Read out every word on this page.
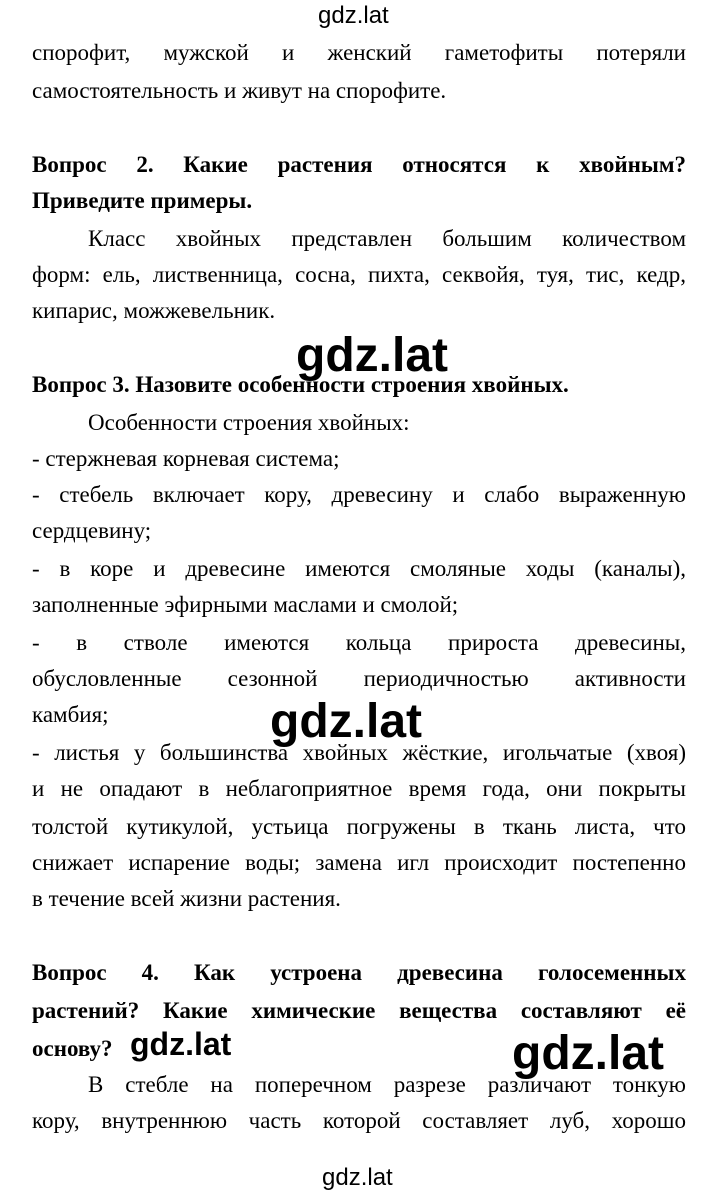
gdz.lat
спорофит, мужской и женский гаметофиты потеряли
самостоятельность и живут на спорофите.
Вопрос 2. Какие растения относятся к хвойным?
Приведите примеры.
Класс хвойных представлен большим количеством
форм: ель, лиственница, сосна, пихта, секвойя, туя, тис, кедр,
кипарис, можжевельник.
gdz.lat
Вопрос 3. Назовите особенности строения хвойных.
Особенности строения хвойных:
- стержневая корневая система;
- стебель включает кору, древесину и слабо выраженную
сердцевину;
- в коре и древесине имеются смоляные ходы (каналы),
заполненные эфирными маслами и смолой;
- в стволе имеются кольца прироста древесины,
обусловленные сезонной периодичностью активности
камбия;	gdz.lat
- листья у большинства хвойных жёсткие, игольчатые (хвоя)
и не опадают в неблагоприятное время года, они покрыты
толстой кутикулой, устьица погружены в ткань листа, что
снижает испарение воды; замена игл происходит постепенно
в течение всей жизни растения.
Вопрос 4. Как устроена древесина голосеменных
растений? Какие химические вещества составляют её
основу? gdz.lat	gdz.lat
В стебле на поперечном разрезе различают тонкую
кору, внутреннюю часть которой составляет луб, хорошо
gdz.lat
